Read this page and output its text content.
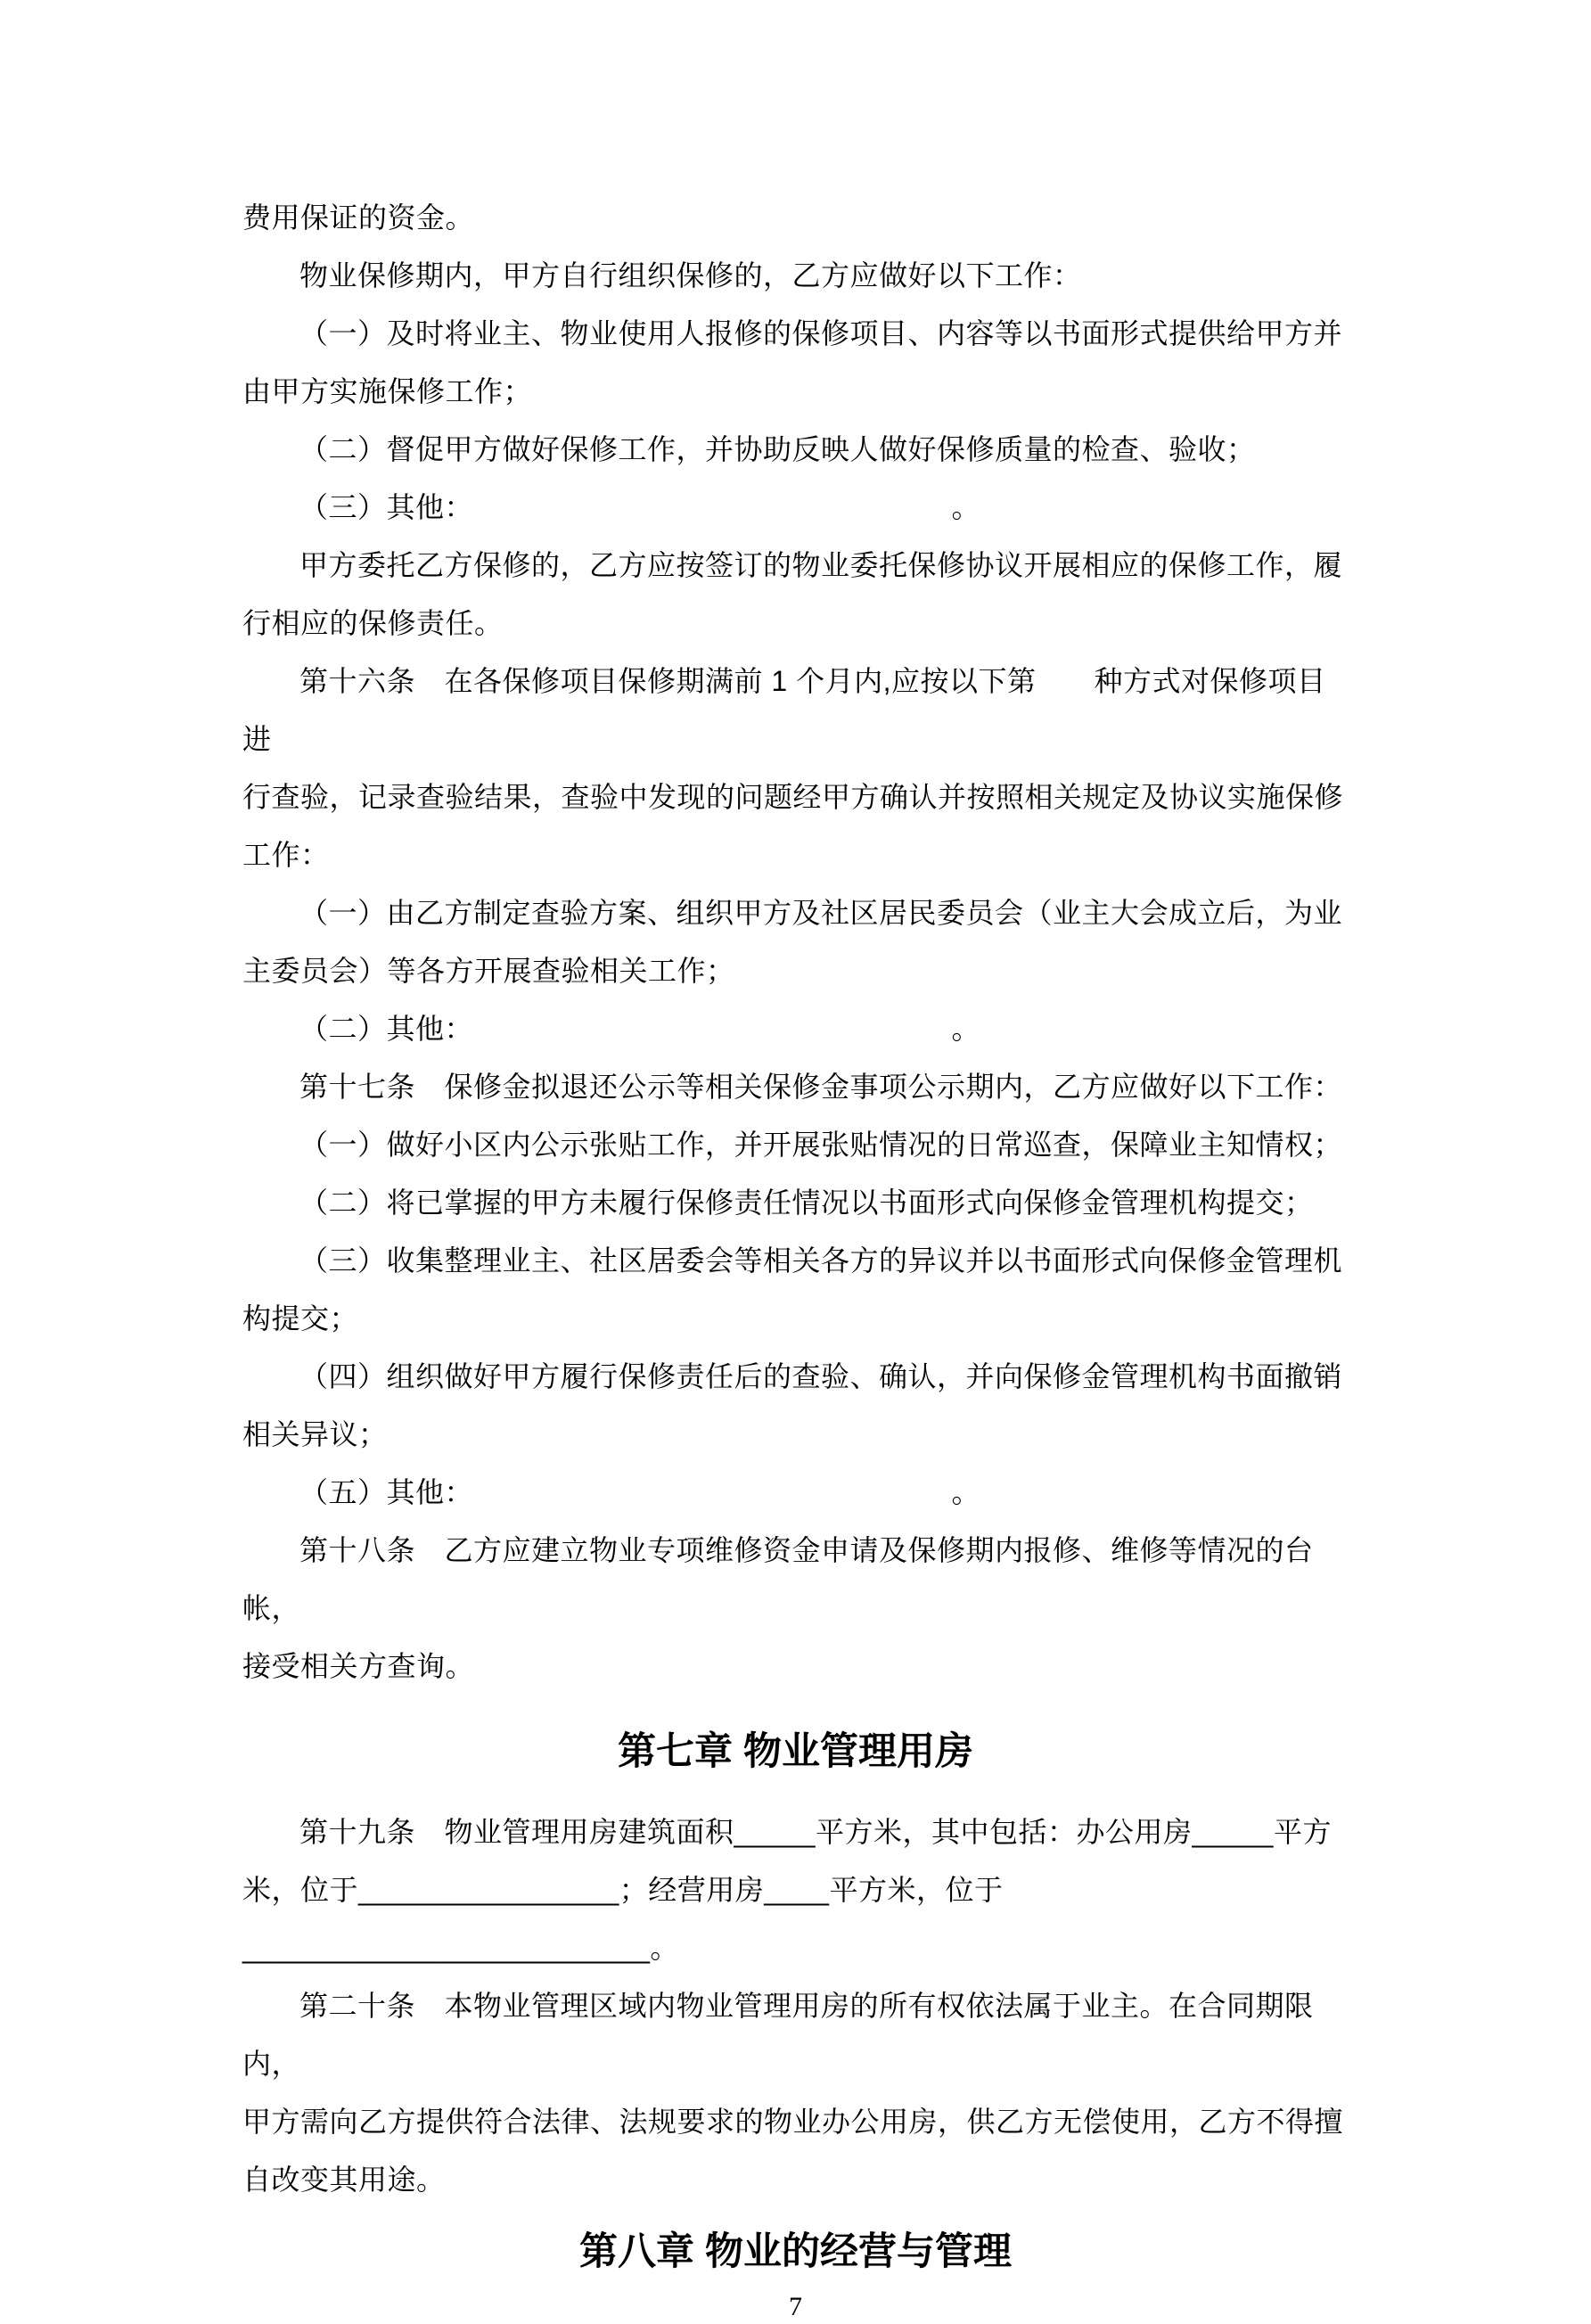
费用保证的资金。
物业保修期内，甲方自行组织保修的，乙方应做好以下工作：
（一）及时将业主、物业使用人报修的保修项目、内容等以书面形式提供给甲方并
由甲方实施保修工作；
（二）督促甲方做好保修工作，并协助反映人做好保修质量的检查、验收；
（三）其他：　　　　　　　　　　　　　　　　　。
甲方委托乙方保修的，乙方应按签订的物业委托保修协议开展相应的保修工作，履
行相应的保修责任。
第十六条　在各保修项目保修期满前 1 个月内,应按以下第　　种方式对保修项目进
行查验，记录查验结果，查验中发现的问题经甲方确认并按照相关规定及协议实施保修
工作：
（一）由乙方制定查验方案、组织甲方及社区居民委员会（业主大会成立后，为业
主委员会）等各方开展查验相关工作；
（二）其他：　　　　　　　　　　　　　　　　　。
第十七条　保修金拟退还公示等相关保修金事项公示期内，乙方应做好以下工作：
（一）做好小区内公示张贴工作，并开展张贴情况的日常巡查，保障业主知情权；
（二）将已掌握的甲方未履行保修责任情况以书面形式向保修金管理机构提交；
（三）收集整理业主、社区居委会等相关各方的异议并以书面形式向保修金管理机
构提交；
（四）组织做好甲方履行保修责任后的查验、确认，并向保修金管理机构书面撤销
相关异议；
（五）其他：　　　　　　　　　　　　　　　　　。
第十八条　乙方应建立物业专项维修资金申请及保修期内报修、维修等情况的台帐，
接受相关方查询。
第七章 物业管理用房
第十九条　物业管理用房建筑面积_____平方米，其中包括：办公用房_____平方
米，位于________________；经营用房____平方米，位于_________________________。
第二十条　本物业管理区域内物业管理用房的所有权依法属于业主。在合同期限内，
甲方需向乙方提供符合法律、法规要求的物业办公用房，供乙方无偿使用，乙方不得擅
自改变其用途。
第八章 物业的经营与管理
7
